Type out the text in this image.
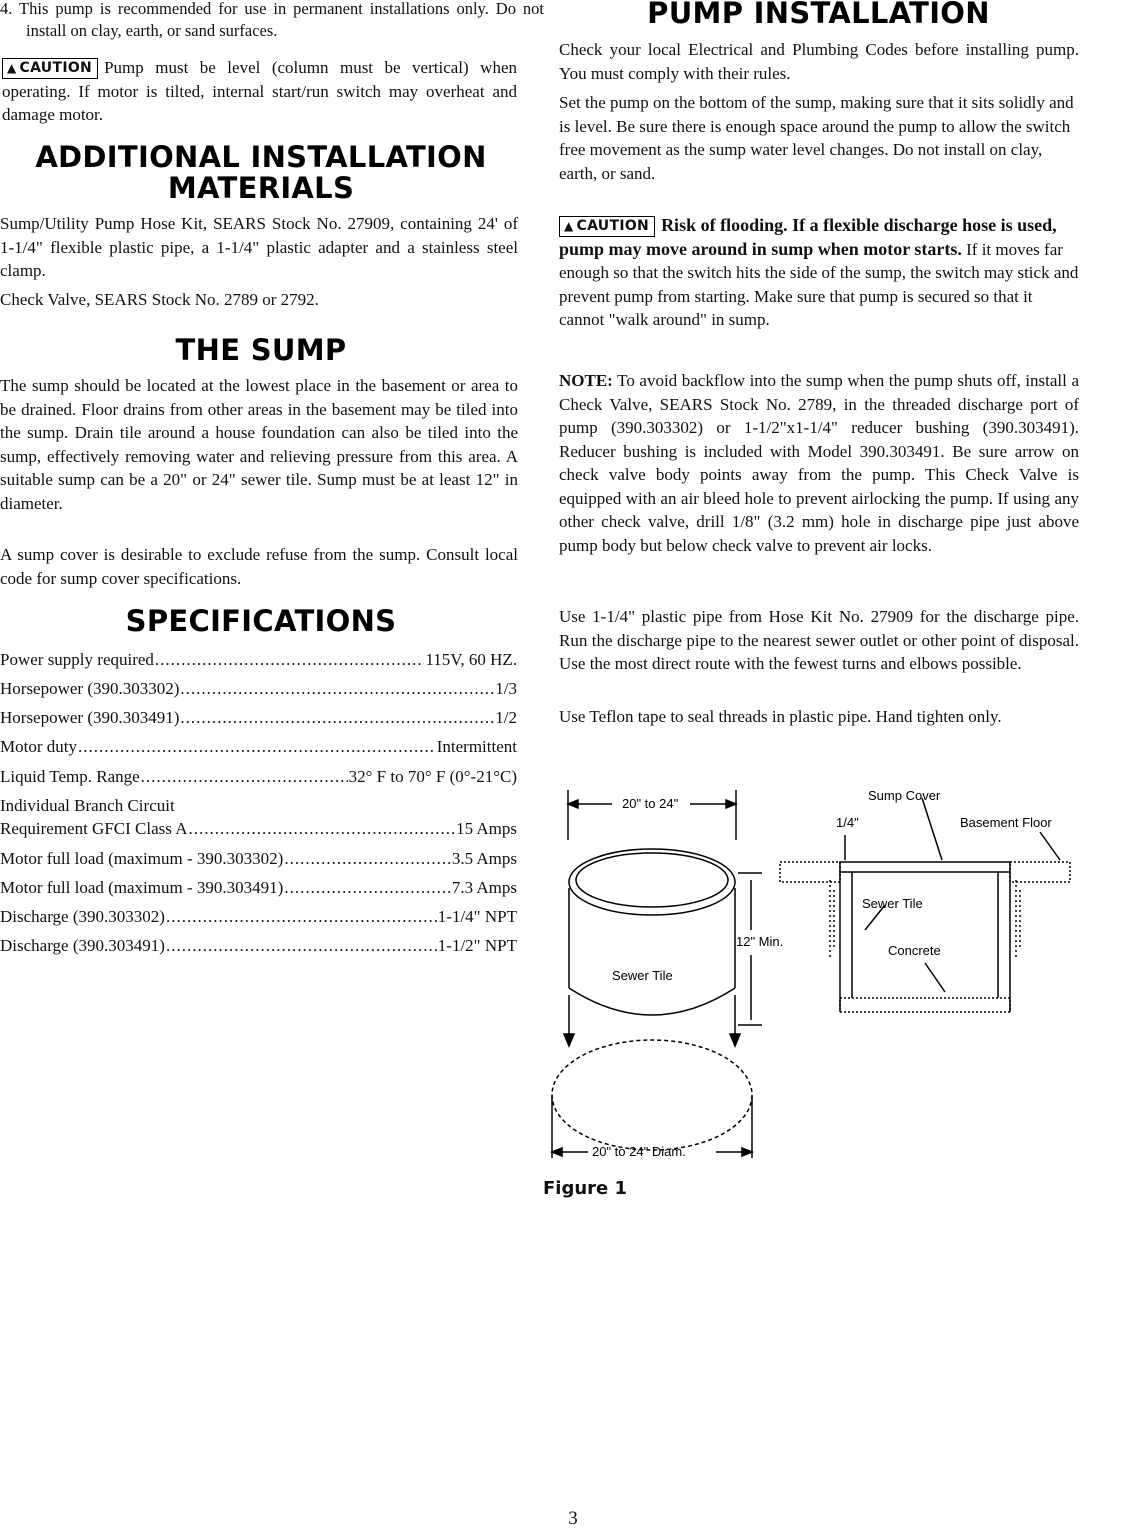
4. This pump is recommended for use in permanent installations only. Do not install on clay, earth, or sand surfaces.

▲ CAUTION Pump must be level (column must be vertical) when operating. If motor is tilted, internal start/run switch may overheat and damage motor.

ADDITIONAL INSTALLATION MATERIALS

Sump/Utility Pump Hose Kit, SEARS Stock No. 27909, containing 24' of 1-1/4" flexible plastic pipe, a 1-1/4" plastic adapter and a stainless steel clamp.

Check Valve, SEARS Stock No. 2789 or 2792.

THE SUMP

The sump should be located at the lowest place in the basement or area to be drained. Floor drains from other areas in the basement may be tiled into the sump. Drain tile around a house foundation can also be tiled into the sump, effectively removing water and relieving pressure from this area. A suitable sump can be a 20" or 24" sewer tile. Sump must be at least 12" in diameter.

A sump cover is desirable to exclude refuse from the sump. Consult local code for sump cover specifications.

SPECIFICATIONS
Power supply required .....	115V, 60 HZ.
Horsepower (390.303302) .....	1/3
Horsepower (390.303491) .....	1/2
Motor duty .....	Intermittent
Liquid Temp. Range .....	32° F to 70° F (0°-21°C)
Individual Branch Circuit
Requirement GFCI Class A .....	15 Amps
Motor full load (maximum - 390.303302) .....	3.5 Amps
Motor full load (maximum - 390.303491) .....	7.3 Amps
Discharge (390.303302) .....	1-1/4" NPT
Discharge (390.303491) .....	1-1/2" NPT
PUMP INSTALLATION

Check your local Electrical and Plumbing Codes before installing pump. You must comply with their rules.

Set the pump on the bottom of the sump, making sure that it sits solidly and is level. Be sure there is enough space around the pump to allow the switch free movement as the sump water level changes. Do not install on clay, earth, or sand.

▲ CAUTION Risk of flooding. If a flexible discharge hose is used, pump may move around in sump when motor starts. If it moves far enough so that the switch hits the side of the sump, the switch may stick and prevent pump from starting. Make sure that pump is secured so that it cannot "walk around" in sump.

NOTE: To avoid backflow into the sump when the pump shuts off, install a Check Valve, SEARS Stock No. 2789, in the threaded discharge port of pump (390.303302) or 1-1/2"x1-1/4" reducer bushing (390.303491). Reducer bushing is included with Model 390.303491. Be sure arrow on check valve body points away from the pump. This Check Valve is equipped with an air bleed hole to prevent airlocking the pump. If using any other check valve, drill 1/8" (3.2 mm) hole in discharge pipe just above pump body but below check valve to prevent air locks.

Use 1-1/4" plastic pipe from Hose Kit No. 27909 for the discharge pipe. Run the discharge pipe to the nearest sewer outlet or other point of disposal. Use the most direct route with the fewest turns and elbows possible.

Use Teflon tape to seal threads in plastic pipe. Hand tighten only.

20" to 24"
12" Min.
Sewer Tile
20" to 24" Diam.
Sump Cover
1/4"	Basement Floor
Sewer Tile
Concrete
Figure 1
3
